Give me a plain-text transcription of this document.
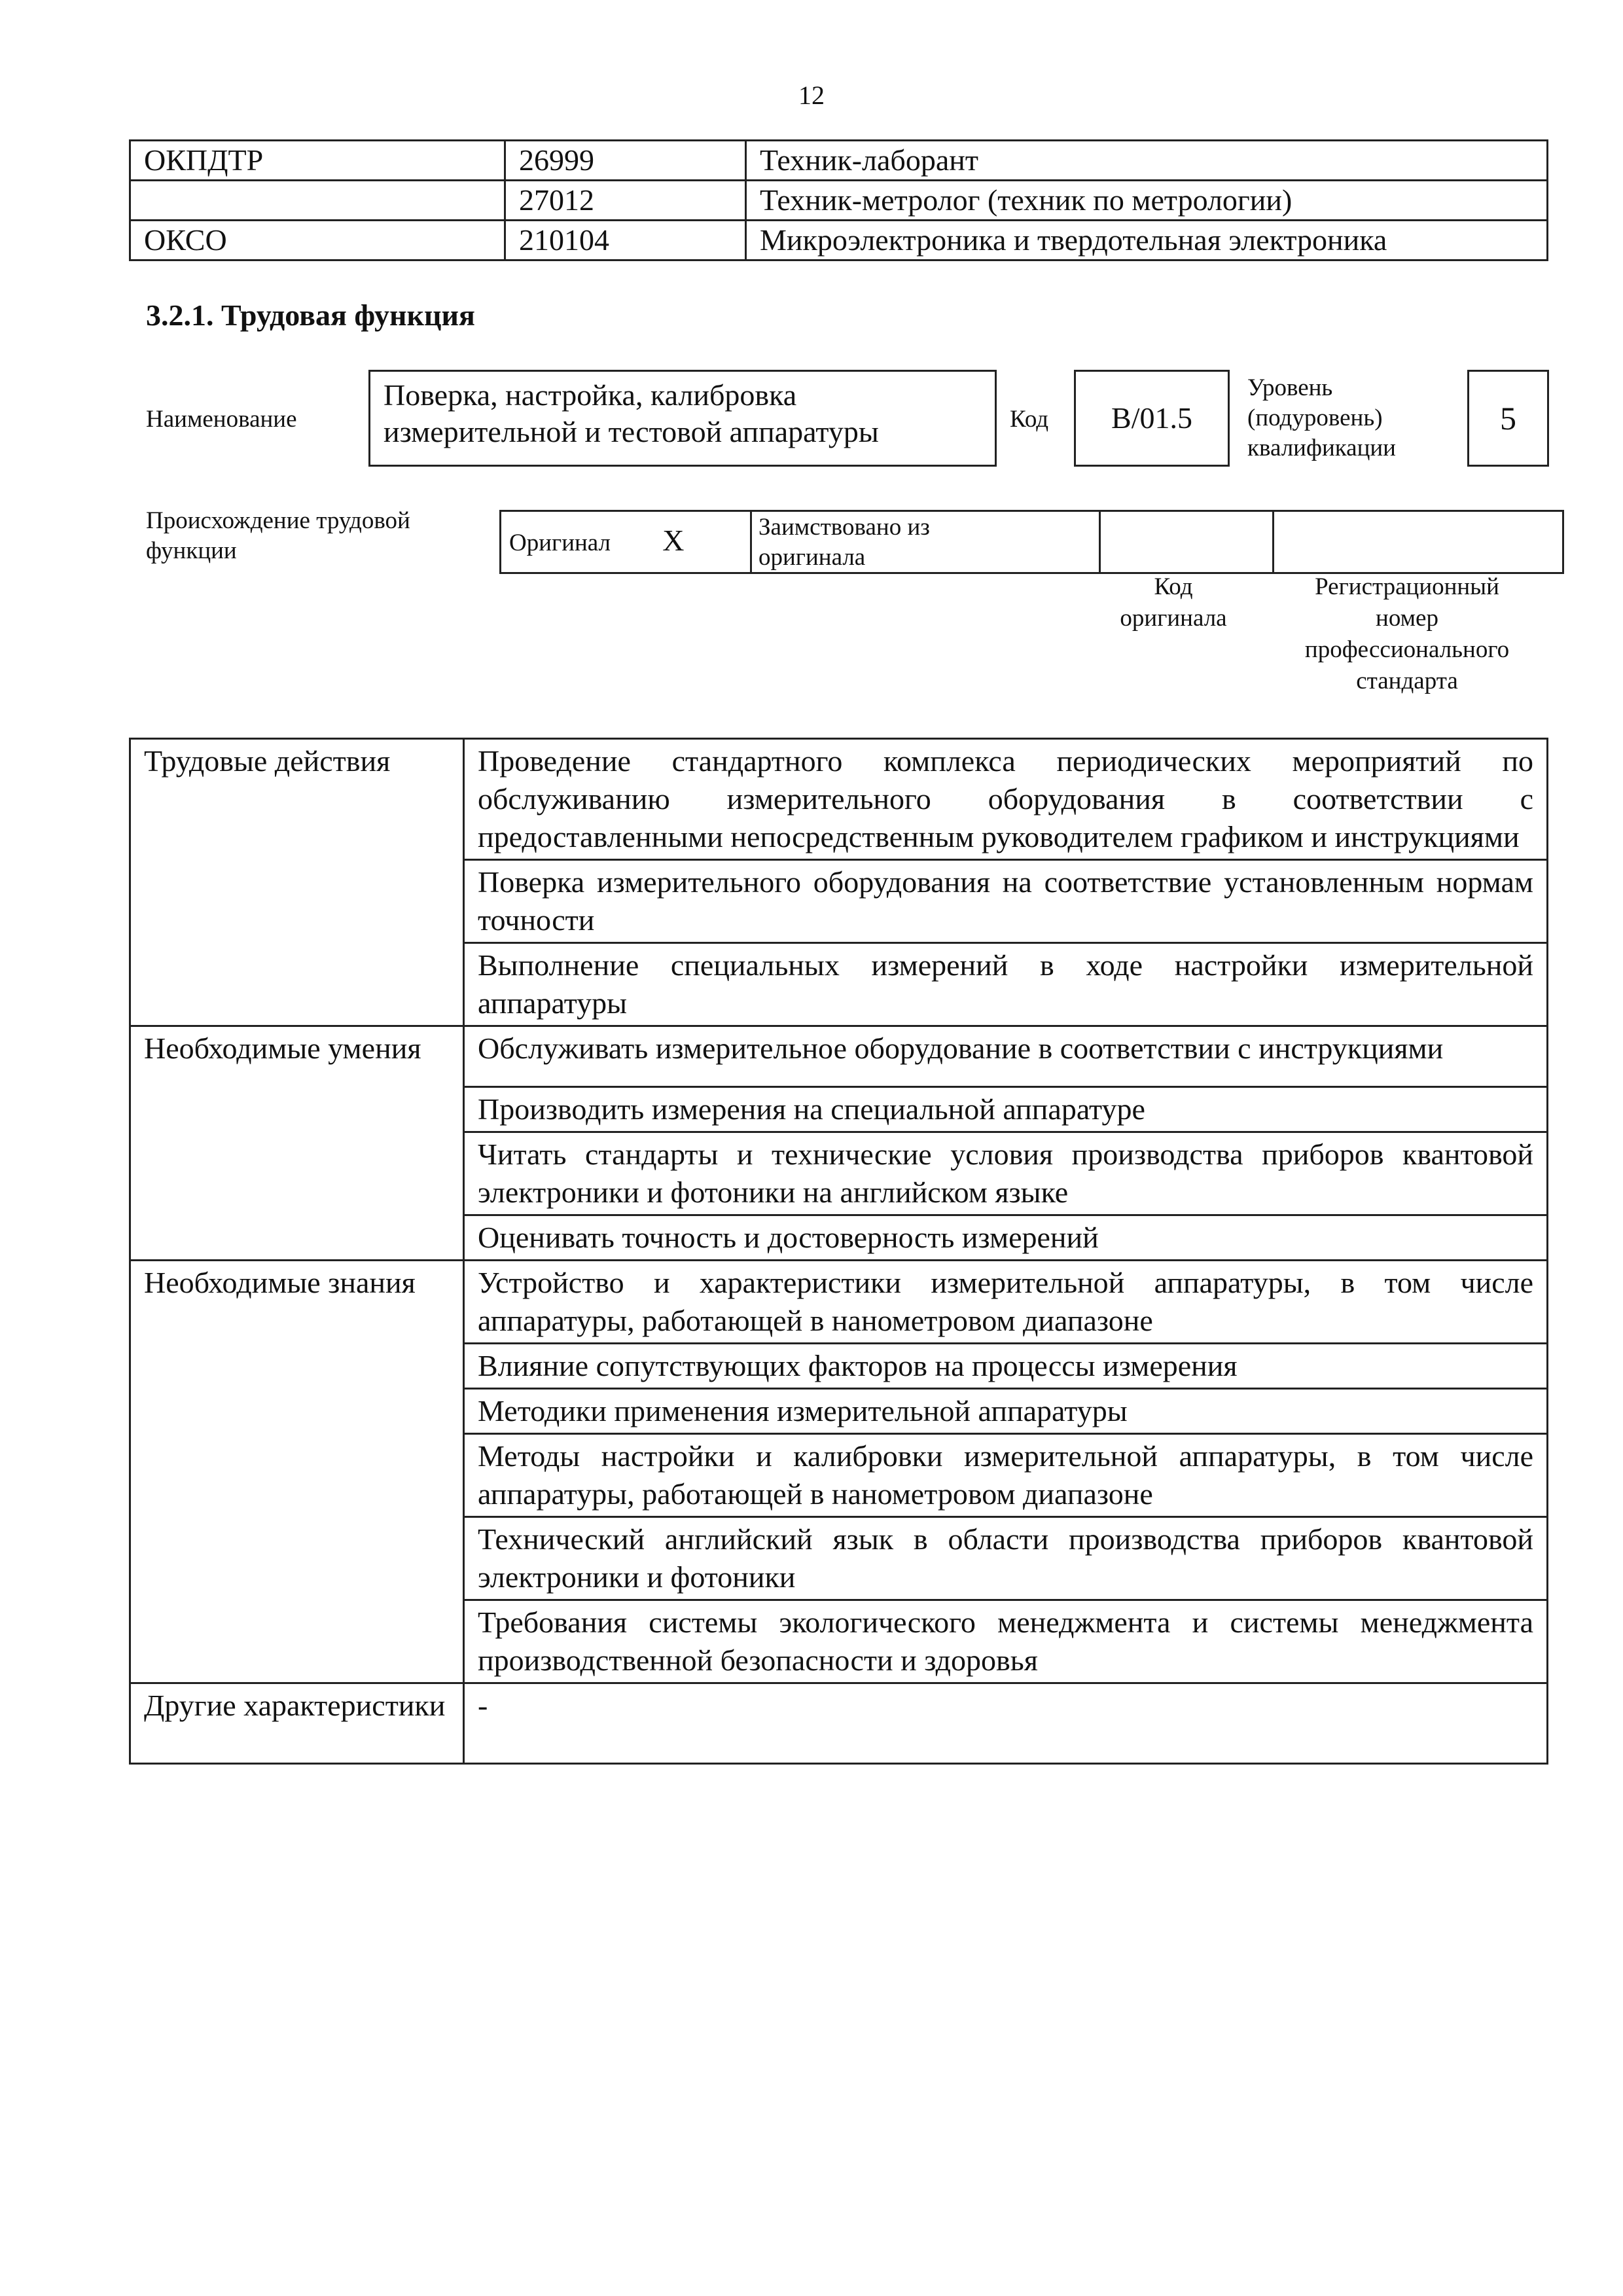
12
ОКПДТР	26999	Техник-лаборант
	27012	Техник-метролог (техник по метрологии)
ОКСО	210104	Микроэлектроника и твердотельная электроника
3.2.1. Трудовая функция
Наименование
Поверка, настройка, калибровка
измерительной и тестовой аппаратуры	Код	В/01.5
Уровень
(подуровень)
квалификации
5
Происхождение трудовой
функции	Оригинал X	Заимствовано из
оригинала

Код
оригинала
Регистрационный
номер
профессионального
стандарта
Трудовые действия	Проведение стандартного комплекса периодических мероприятий по обслуживанию измерительного оборудования в соответствии с предоставленными непосредственным руководителем графиком и инструкциями
	Поверка измерительного оборудования на соответствие установленным нормам точности
	Выполнение специальных измерений в ходе настройки измерительной аппаратуры
Необходимые умения	Обслуживать измерительное оборудование в соответствии с инструкциями
	Производить измерения на специальной аппаратуре
	Читать стандарты и технические условия производства приборов квантовой электроники и фотоники на английском языке
	Оценивать точность и достоверность измерений
Необходимые знания	Устройство и характеристики измерительной аппаратуры, в том числе аппаратуры, работающей в нанометровом диапазоне
	Влияние сопутствующих факторов на процессы измерения
	Методики применения измерительной аппаратуры
	Методы настройки и калибровки измерительной аппаратуры, в том числе аппаратуры, работающей в нанометровом диапазоне
	Технический английский язык в области производства приборов квантовой электроники и фотоники
	Требования системы экологического менеджмента и системы менеджмента производственной безопасности и здоровья
Другие характеристики	-
